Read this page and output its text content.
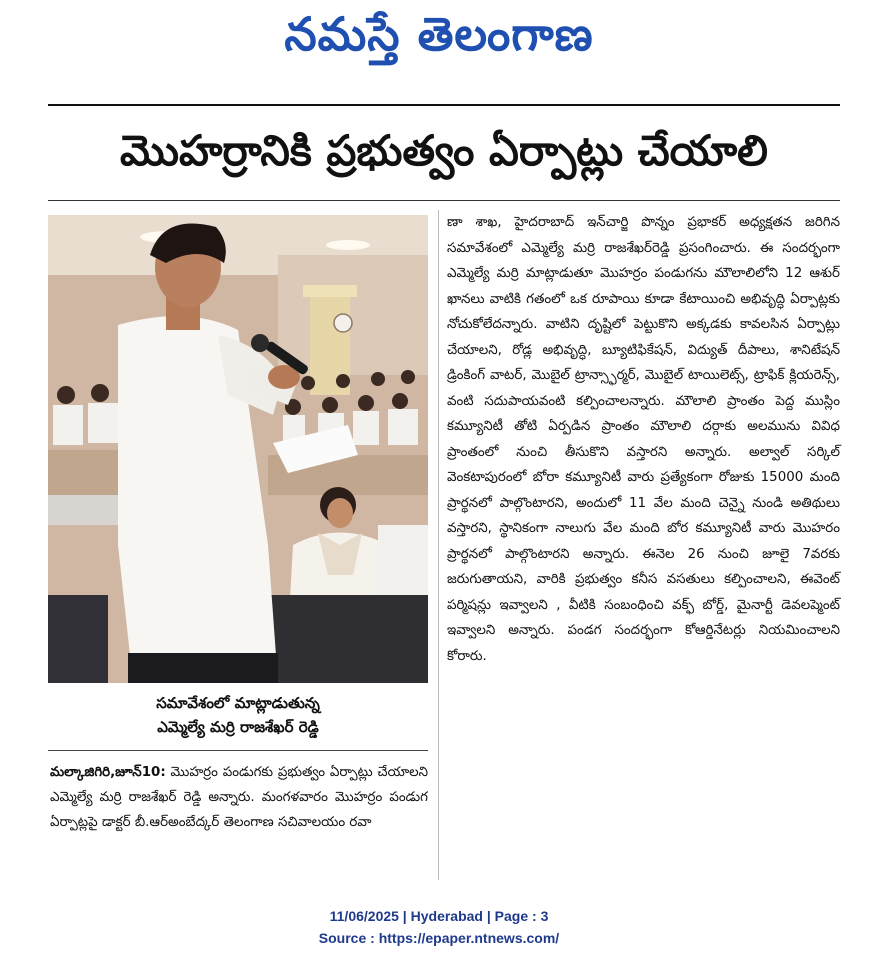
నమస్తే తెలంగాణ
మొహర్రానికి ప్రభుత్వం ఏర్పాట్లు చేయాలి
సమావేశంలో మాట్లాడుతున్న
ఎమ్మెల్యే మర్రి రాజశేఖర్ రెడ్డి

మల్కాజిగిరి,జూన్10: మొహర్రం పండుగకు ప్రభుత్వం ఏర్పాట్లు చేయాలని ఎమ్మెల్యే మర్రి రాజశేఖర్ రెడ్డి అన్నారు. మంగళవారం మొహర్రం పండుగ ఏర్పాట్లపై డాక్టర్ బీ.ఆర్అంబేద్కర్ తెలంగాణ సచివాలయం రవా

ణా శాఖ, హైదరాబాద్ ఇన్‌చార్జి పొన్నం ప్రభాకర్ అధ్యక్షతన జరిగిన సమావేశంలో ఎమ్మెల్యే మర్రి రాజశేఖర్‌రెడ్డి ప్రసంగించారు. ఈ సందర్భంగా ఎమ్మెల్యే మర్రి మాట్లాడుతూ మొహర్రం పండుగను మౌలాలిలోని 12 ఆశుర్ ఖానలు వాటికి గతంలో ఒక రూపాయి కూడా కేటాయించి అభివృద్ధి ఏర్పాట్లకు నోచుకోలేదన్నారు. వాటిని దృష్టిలో పెట్టుకొని అక్కడకు కావలసిన ఏర్పాట్లు చేయాలని, రోడ్ల అభివృద్ధి, బ్యూటిఫికేషన్, విద్యుత్ దీపాలు, శానిటేషన్ డ్రింకింగ్ వాటర్, మొబైల్ ట్రాన్స్ఫార్మర్, మొబైల్ టాయిలెట్స్, ట్రాఫిక్ క్లియరెన్స్, వంటి సదుపాయవంటి కల్పించాలన్నారు. మౌలాలి ప్రాంతం పెద్ద ముస్లిం కమ్యూనిటీ తోటి ఏర్పడిన ప్రాంతం మౌలాలి దర్గాకు అలమును వివిధ ప్రాంతంలో నుంచి తీసుకొని వస్తారని అన్నారు. అల్వాల్ సర్కిల్ వెంకటాపురంలో బోరా కమ్యూనిటీ వారు ప్రత్యేకంగా రోజుకు 15000 మంది ప్రార్థనలో పాల్గొంటారని, అందులో 11 వేల మంది చెన్నై నుండి అతిథులు వస్తారని, స్థానికంగా నాలుగు వేల మంది బోర కమ్యూనిటీ వారు మొహరం ప్రార్థనలో పాల్గొంటారని అన్నారు. ఈనెల 26 నుంచి జూలై 7వరకు జరుగుతాయని, వారికి ప్రభుత్వం కనీస వసతులు కల్పించాలని, ఈవెంట్ పర్మిషన్లు ఇవ్వాలని , వీటికి సంబంధించి వక్ఫ్ బోర్డ్, మైనార్టీ డెవలప్మెంట్ ఇవ్వాలని అన్నారు. పండగ సందర్భంగా కోఆర్డినేటర్లు నియమించాలని కోరారు.

11/06/2025 | Hyderabad | Page : 3
Source : https://epaper.ntnews.com/
